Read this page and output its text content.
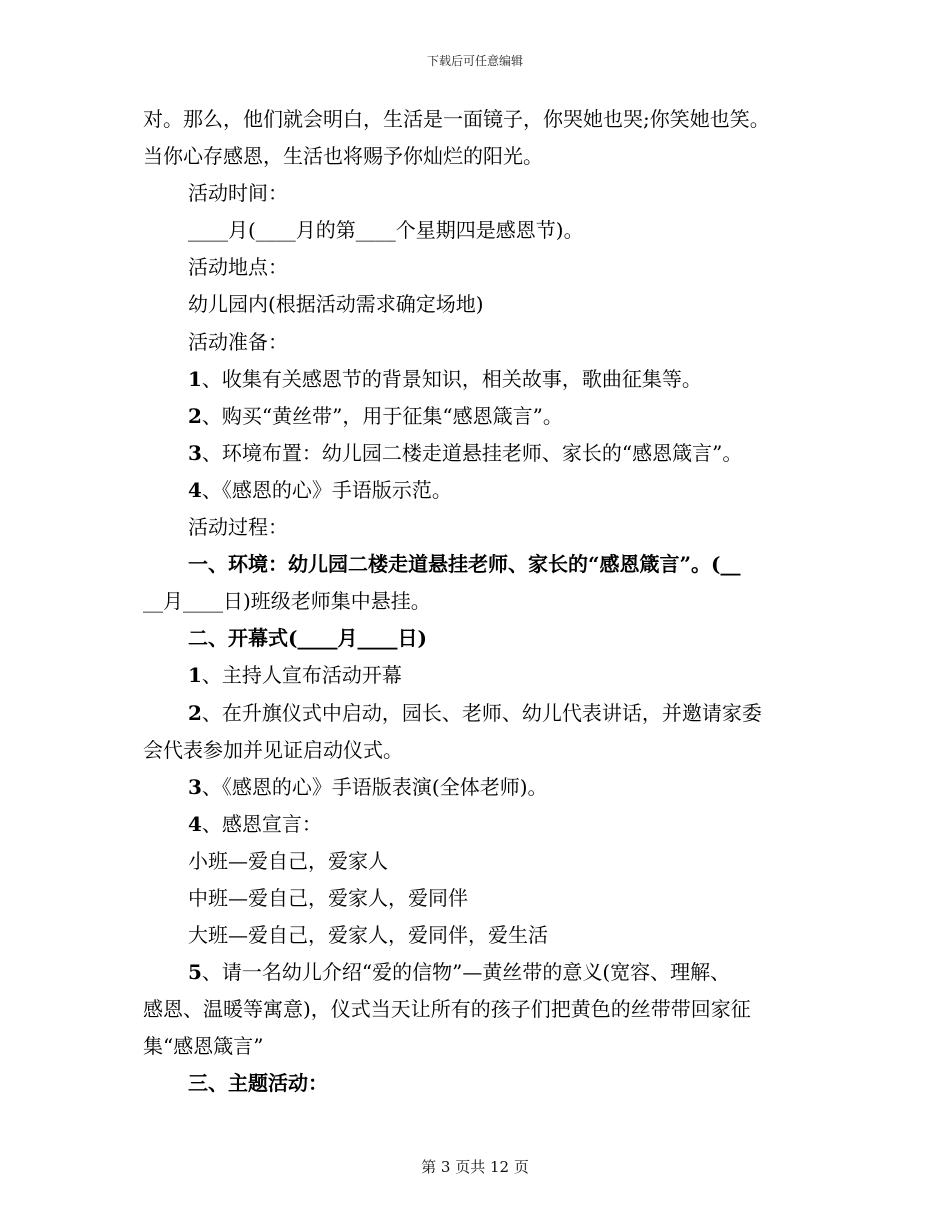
下载后可任意编辑
对。那么，他们就会明白，生活是一面镜子，你哭她也哭;你笑她也笑。
当你心存感恩，生活也将赐予你灿烂的阳光。
活动时间：
____月(____月的第____个星期四是感恩节)。
活动地点：
幼儿园内(根据活动需求确定场地)
活动准备：
1、收集有关感恩节的背景知识，相关故事，歌曲征集等。
2、购买“黄丝带”，用于征集“感恩箴言”。
3、环境布置：幼儿园二楼走道悬挂老师、家长的“感恩箴言”。
4、《感恩的心》手语版示范。
活动过程：
一、环境：幼儿园二楼走道悬挂老师、家长的“感恩箴言”。(__
__月____日)班级老师集中悬挂。
二、开幕式(____月____日)
1、主持人宣布活动开幕
2、在升旗仪式中启动，园长、老师、幼儿代表讲话，并邀请家委
会代表参加并见证启动仪式。
3、《感恩的心》手语版表演(全体老师)。
4、感恩宣言：
小班—爱自己，爱家人
中班—爱自己，爱家人，爱同伴
大班—爱自己，爱家人，爱同伴，爱生活
5、请一名幼儿介绍“爱的信物”—黄丝带的意义(宽容、理解、
感恩、温暖等寓意)，仪式当天让所有的孩子们把黄色的丝带带回家征
集“感恩箴言”
三、主题活动：
第 3 页共 12 页
